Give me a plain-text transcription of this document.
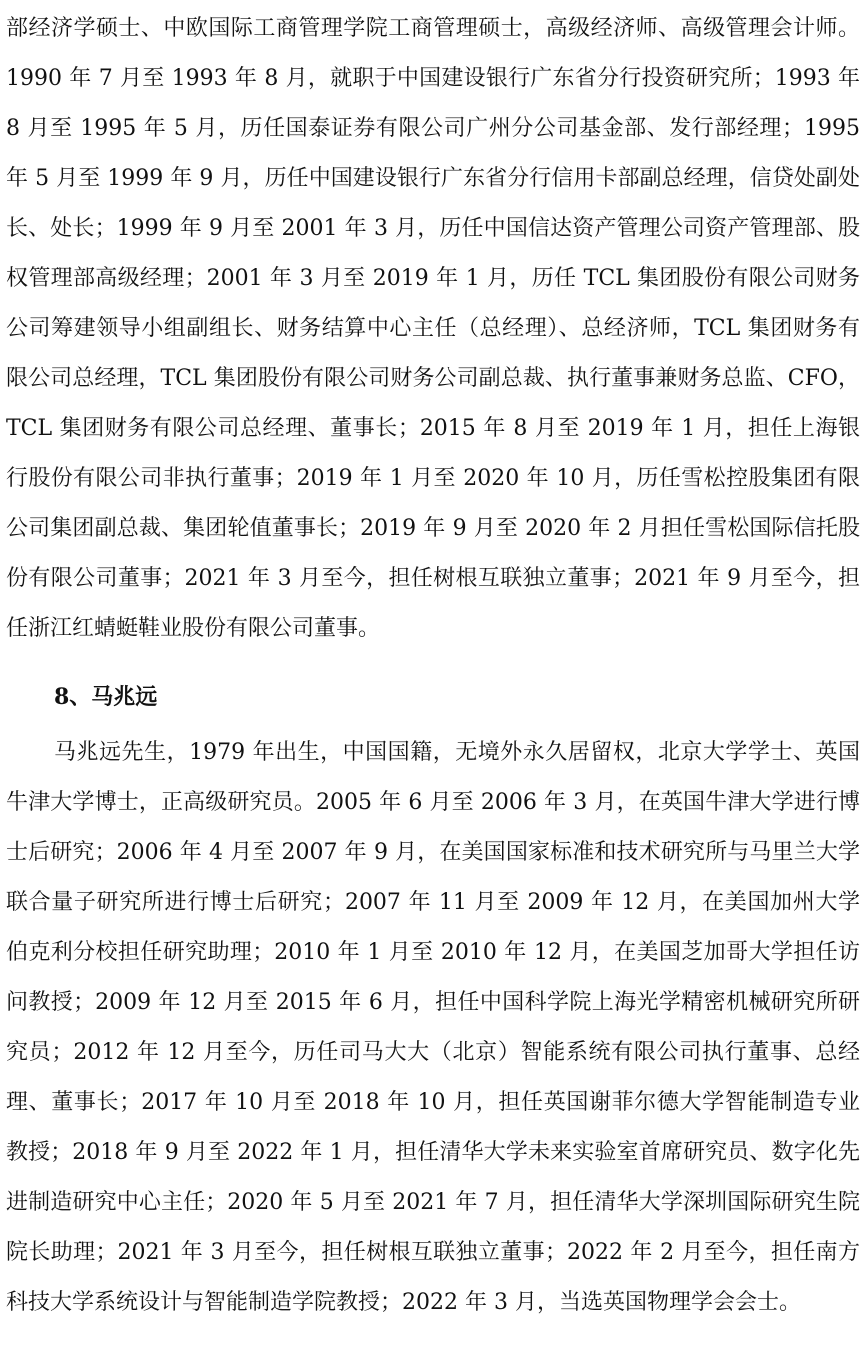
部经济学硕士、中欧国际工商管理学院工商管理硕士，高级经济师、高级管理会计师。1990 年 7 月至 1993 年 8 月，就职于中国建设银行广东省分行投资研究所；1993 年 8 月至 1995 年 5 月，历任国泰证券有限公司广州分公司基金部、发行部经理；1995 年 5 月至 1999 年 9 月，历任中国建设银行广东省分行信用卡部副总经理，信贷处副处长、处长；1999 年 9 月至 2001 年 3 月，历任中国信达资产管理公司资产管理部、股权管理部高级经理；2001 年 3 月至 2019 年 1 月，历任 TCL 集团股份有限公司财务公司筹建领导小组副组长、财务结算中心主任（总经理）、总经济师，TCL 集团财务有限公司总经理，TCL 集团股份有限公司财务公司副总裁、执行董事兼财务总监、CFO，TCL 集团财务有限公司总经理、董事长；2015 年 8 月至 2019 年 1 月，担任上海银行股份有限公司非执行董事；2019 年 1 月至 2020 年 10 月，历任雪松控股集团有限公司集团副总裁、集团轮值董事长；2019 年 9 月至 2020 年 2 月担任雪松国际信托股份有限公司董事；2021 年 3 月至今，担任树根互联独立董事；2021 年 9 月至今，担任浙江红蜻蜓鞋业股份有限公司董事。

8、马兆远

马兆远先生，1979 年出生，中国国籍，无境外永久居留权，北京大学学士、英国牛津大学博士，正高级研究员。2005 年 6 月至 2006 年 3 月，在英国牛津大学进行博士后研究；2006 年 4 月至 2007 年 9 月，在美国国家标准和技术研究所与马里兰大学联合量子研究所进行博士后研究；2007 年 11 月至 2009 年 12 月，在美国加州大学伯克利分校担任研究助理；2010 年 1 月至 2010 年 12 月，在美国芝加哥大学担任访问教授；2009 年 12 月至 2015 年 6 月，担任中国科学院上海光学精密机械研究所研究员；2012 年 12 月至今，历任司马大大（北京）智能系统有限公司执行董事、总经理、董事长；2017 年 10 月至 2018 年 10 月，担任英国谢菲尔德大学智能制造专业教授；2018 年 9 月至 2022 年 1 月，担任清华大学未来实验室首席研究员、数字化先进制造研究中心主任；2020 年 5 月至 2021 年 7 月，担任清华大学深圳国际研究生院院长助理；2021 年 3 月至今，担任树根互联独立董事；2022 年 2 月至今，担任南方科技大学系统设计与智能制造学院教授；2022 年 3 月，当选英国物理学会会士。
